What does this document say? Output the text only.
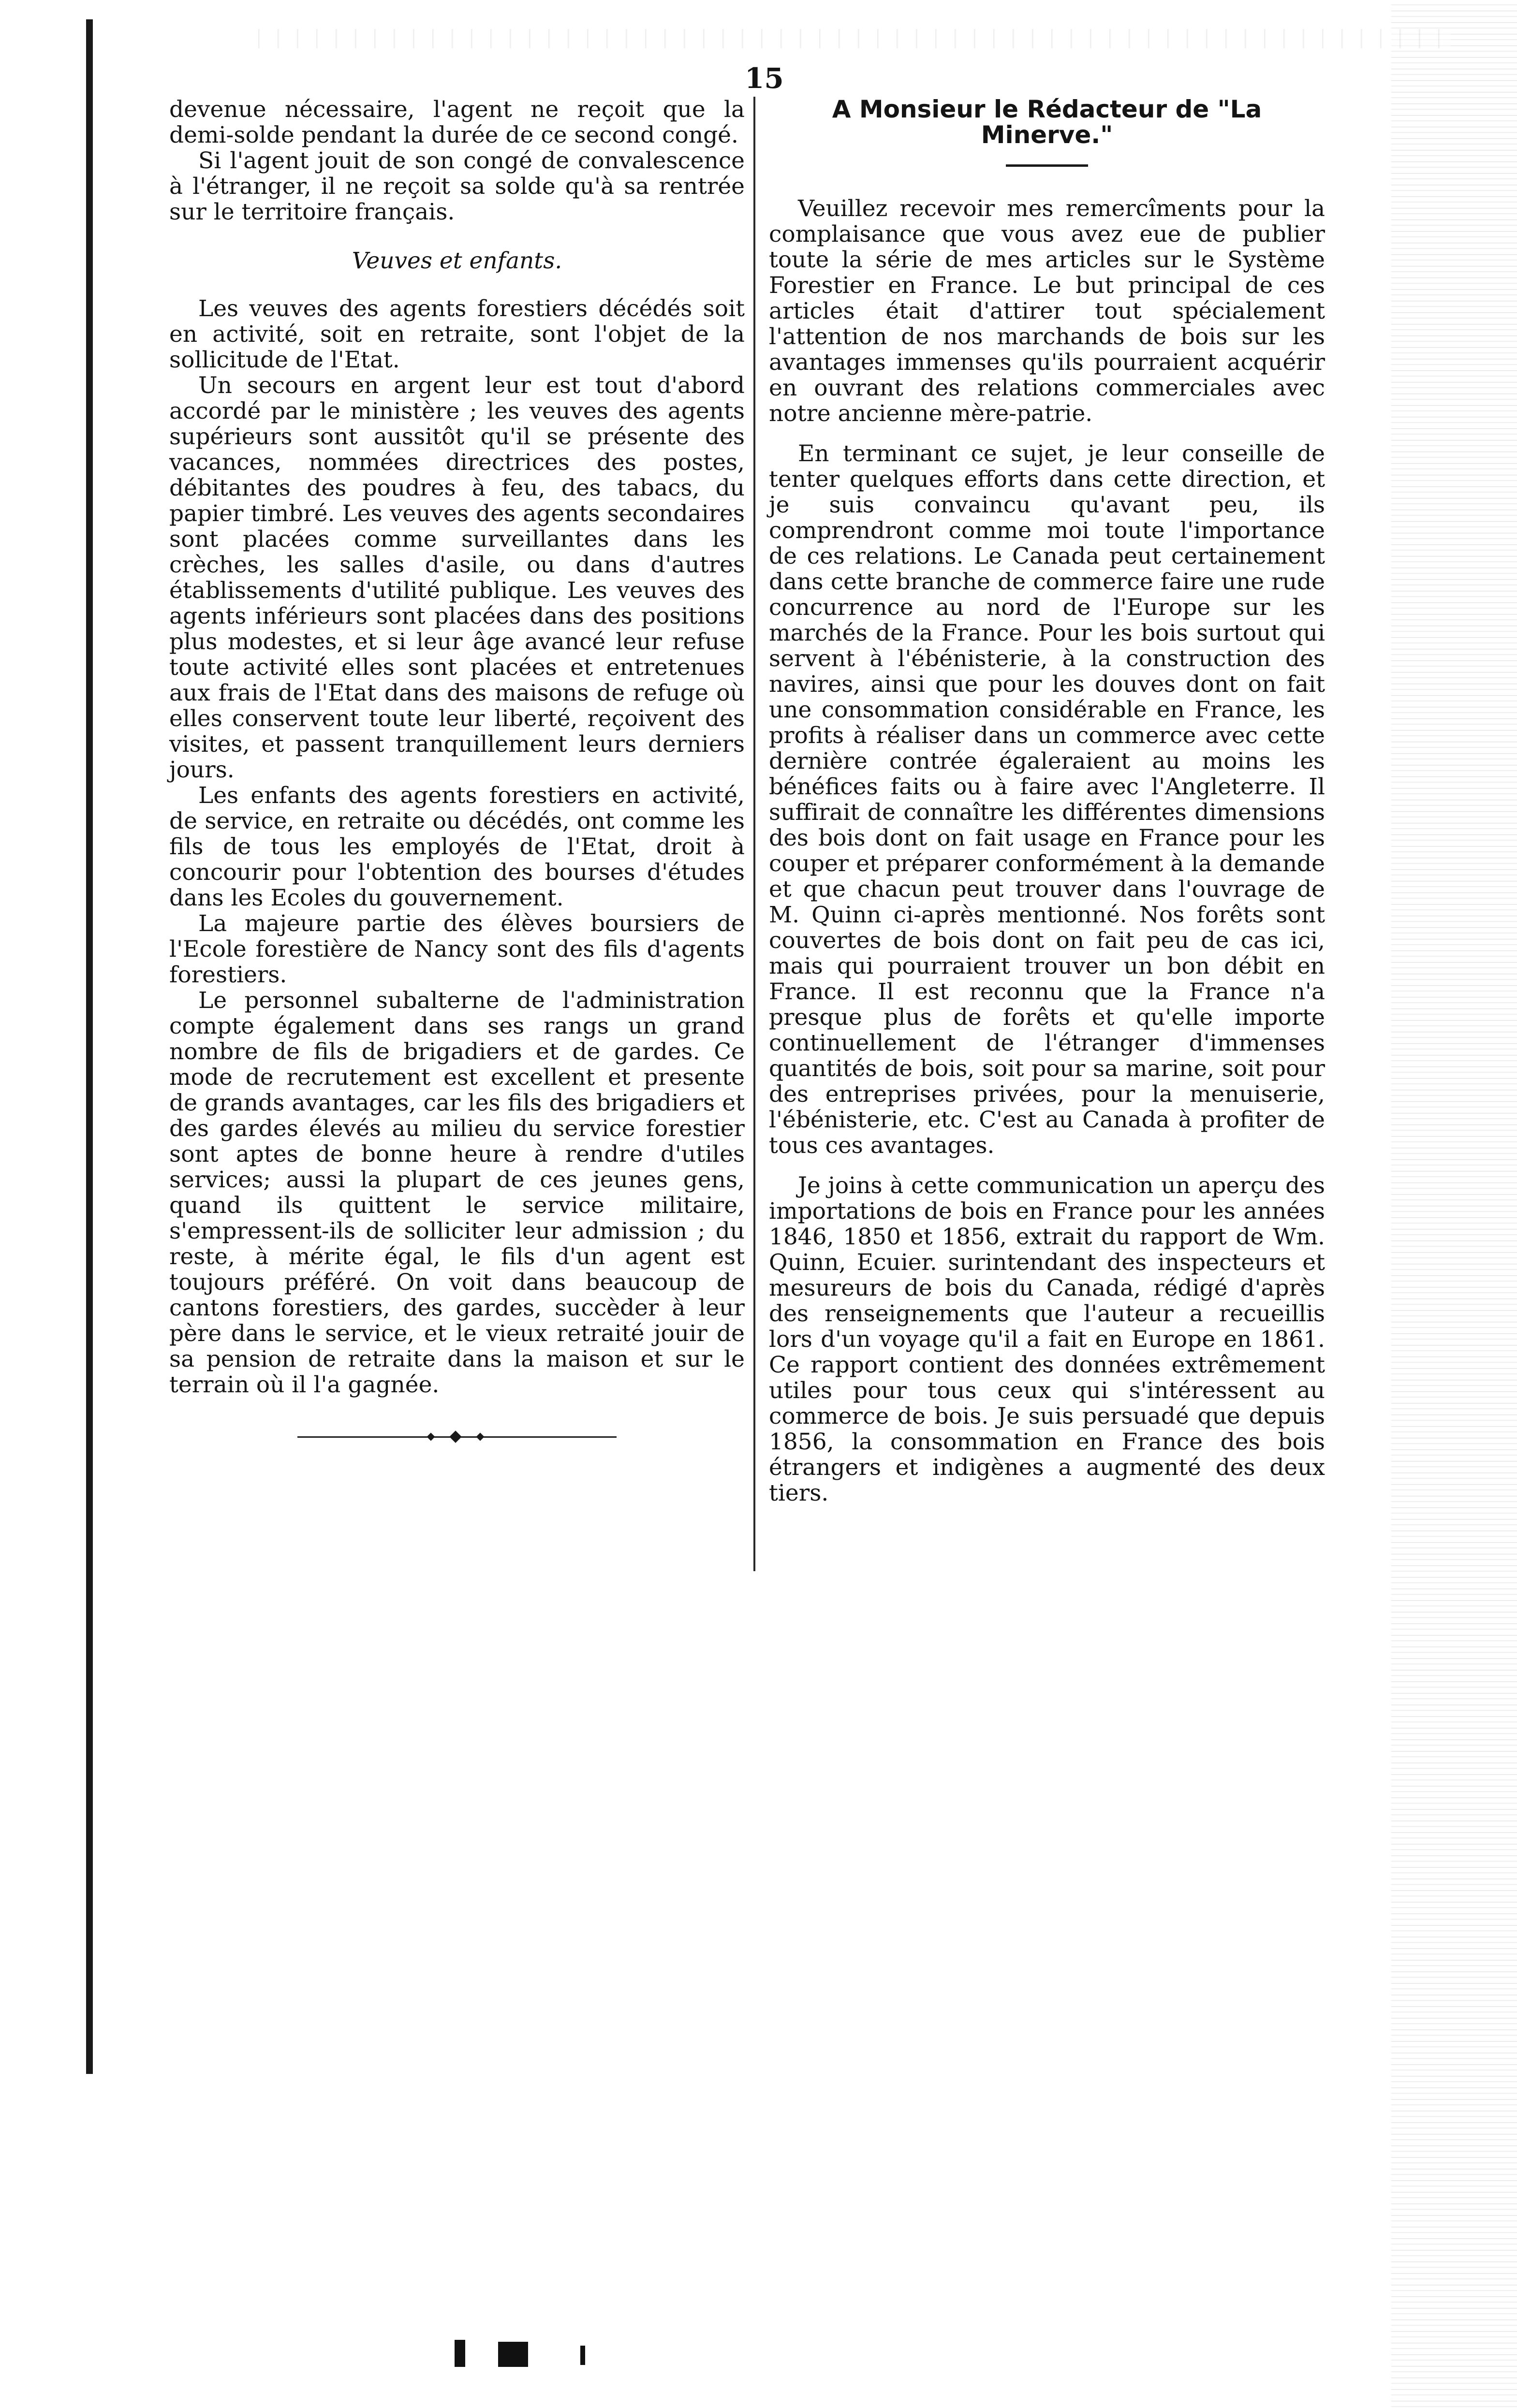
15

devenue nécessaire, l'agent ne reçoit que la demi-solde pendant la durée de ce second congé.

Si l'agent jouit de son congé de convalescence à l'étranger, il ne reçoit sa solde qu'à sa rentrée sur le territoire français.

Veuves et enfants.

Les veuves des agents forestiers décédés soit en activité, soit en retraite, sont l'objet de la sollicitude de l'Etat.

Un secours en argent leur est tout d'abord accordé par le ministère ; les veuves des agents supérieurs sont aussitôt qu'il se présente des vacances, nommées directrices des postes, débitantes des poudres à feu, des tabacs, du papier timbré. Les veuves des agents secondaires sont placées comme surveillantes dans les crèches, les salles d'asile, ou dans d'autres établissements d'utilité publique. Les veuves des agents inférieurs sont placées dans des positions plus modestes, et si leur âge avancé leur refuse toute activité elles sont placées et entretenues aux frais de l'Etat dans des maisons de refuge où elles conservent toute leur liberté, reçoivent des visites, et passent tranquillement leurs derniers jours.

Les enfants des agents forestiers en activité, de service, en retraite ou décédés, ont comme les fils de tous les employés de l'Etat, droit à concourir pour l'obtention des bourses d'études dans les Ecoles du gouvernement.

La majeure partie des élèves boursiers de l'Ecole forestière de Nancy sont des fils d'agents forestiers.

Le personnel subalterne de l'administration compte également dans ses rangs un grand nombre de fils de brigadiers et de gardes. Ce mode de recrutement est excellent et presente de grands avantages, car les fils des brigadiers et des gardes élevés au milieu du service forestier sont aptes de bonne heure à rendre d'utiles services; aussi la plupart de ces jeunes gens, quand ils quittent le service militaire, s'empressent-ils de solliciter leur admission ; du reste, à mérite égal, le fils d'un agent est toujours préféré. On voit dans beaucoup de cantons forestiers, des gardes, succèder à leur père dans le service, et le vieux retraité jouir de sa pension de retraite dans la maison et sur le terrain où il l'a gagnée.

A Monsieur le Rédacteur de "La Minerve."

Veuillez recevoir mes remercîments pour la complaisance que vous avez eue de publier toute la série de mes articles sur le Système Forestier en France. Le but principal de ces articles était d'attirer tout spécialement l'attention de nos marchands de bois sur les avantages immenses qu'ils pourraient acquérir en ouvrant des relations commerciales avec notre ancienne mère-patrie.

En terminant ce sujet, je leur conseille de tenter quelques efforts dans cette direction, et je suis convaincu qu'avant peu, ils comprendront comme moi toute l'importance de ces relations. Le Canada peut certainement dans cette branche de commerce faire une rude concurrence au nord de l'Europe sur les marchés de la France. Pour les bois surtout qui servent à l'ébénisterie, à la construction des navires, ainsi que pour les douves dont on fait une consommation considérable en France, les profits à réaliser dans un commerce avec cette dernière contrée égaleraient au moins les bénéfices faits ou à faire avec l'Angleterre. Il suffirait de connaître les différentes dimensions des bois dont on fait usage en France pour les couper et préparer conformément à la demande et que chacun peut trouver dans l'ouvrage de M. Quinn ci-après mentionné. Nos forêts sont couvertes de bois dont on fait peu de cas ici, mais qui pourraient trouver un bon débit en France. Il est reconnu que la France n'a presque plus de forêts et qu'elle importe continuellement de l'étranger d'immenses quantités de bois, soit pour sa marine, soit pour des entreprises privées, pour la menuiserie, l'ébénisterie, etc. C'est au Canada à profiter de tous ces avantages.

Je joins à cette communication un aperçu des importations de bois en France pour les années 1846, 1850 et 1856, extrait du rapport de Wm. Quinn, Ecuier. surintendant des inspecteurs et mesureurs de bois du Canada, rédigé d'après des renseignements que l'auteur a recueillis lors d'un voyage qu'il a fait en Europe en 1861. Ce rapport contient des données extrêmement utiles pour tous ceux qui s'intéressent au commerce de bois. Je suis persuadé que depuis 1856, la consommation en France des bois étrangers et indigènes a augmenté des deux tiers.
